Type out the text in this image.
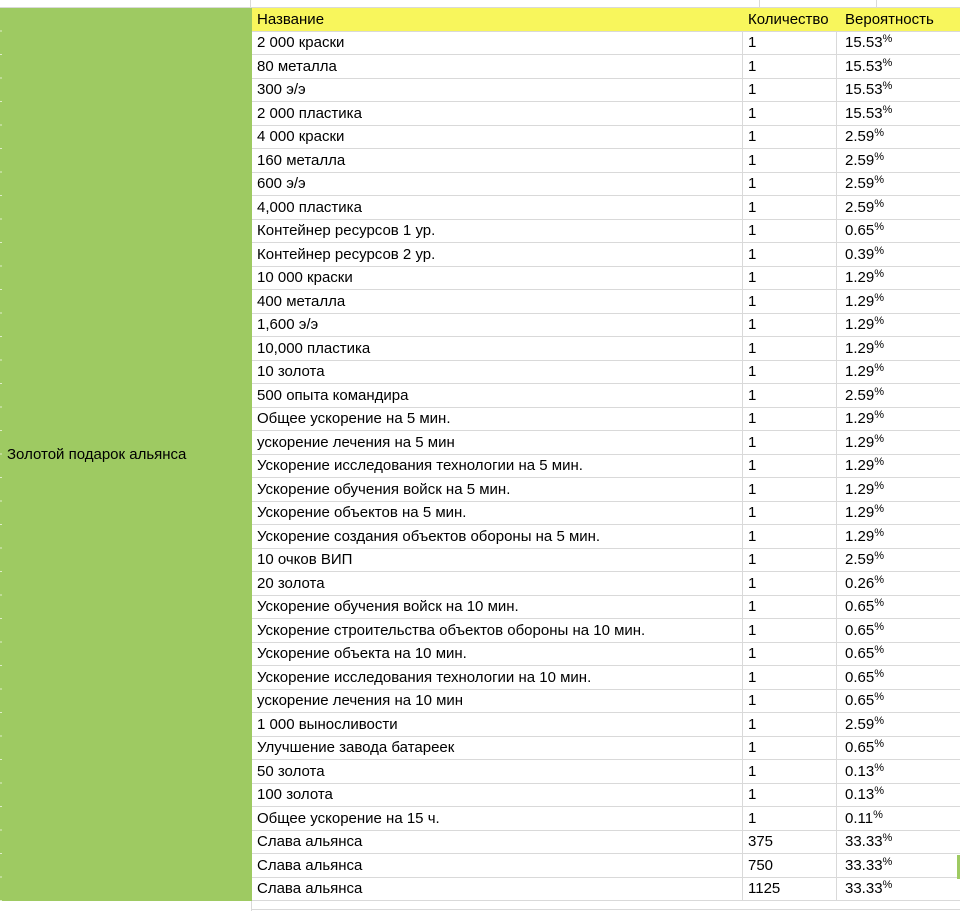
Золотой подарок альянса
Название	Количество	Вероятность
2 000 краски	1	15.53 %
80 металла	1	15.53 %
300 э/э	1	15.53 %
2 000 пластика	1	15.53 %
4 000 краски	1	2.59 %
160 металла	1	2.59 %
600 э/э	1	2.59 %
4,000 пластика	1	2.59 %
Контейнер ресурсов 1 ур.	1	0.65 %
Контейнер ресурсов 2 ур.	1	0.39 %
10 000 краски	1	1.29 %
400 металла	1	1.29 %
1,600 э/э	1	1.29 %
10,000 пластика	1	1.29 %
10 золота	1	1.29 %
500 опыта командира	1	2.59 %
Общее ускорение на 5 мин.	1	1.29 %
ускорение лечения на 5 мин	1	1.29 %
Ускорение исследования технологии на 5 мин.	1	1.29 %
Ускорение обучения войск на 5 мин.	1	1.29 %
Ускорение объектов на 5 мин.	1	1.29 %
Ускорение создания объектов обороны на 5 мин.	1	1.29 %
10 очков ВИП	1	2.59 %
20 золота	1	0.26 %
Ускорение обучения войск на 10 мин.	1	0.65 %
Ускорение строительства объектов обороны на 10 мин.	1	0.65 %
Ускорение объекта на 10 мин.	1	0.65 %
Ускорение исследования технологии на 10 мин.	1	0.65 %
ускорение лечения на 10 мин	1	0.65 %
1 000 выносливости	1	2.59 %
Улучшение завода батареек	1	0.65 %
50 золота	1	0.13 %
100 золота	1	0.13 %
Общее ускорение на 15 ч.	1	0.11 %
Слава альянса	375	33.33 %
Слава альянса	750	33.33 %
Слава альянса	1125	33.33 %
